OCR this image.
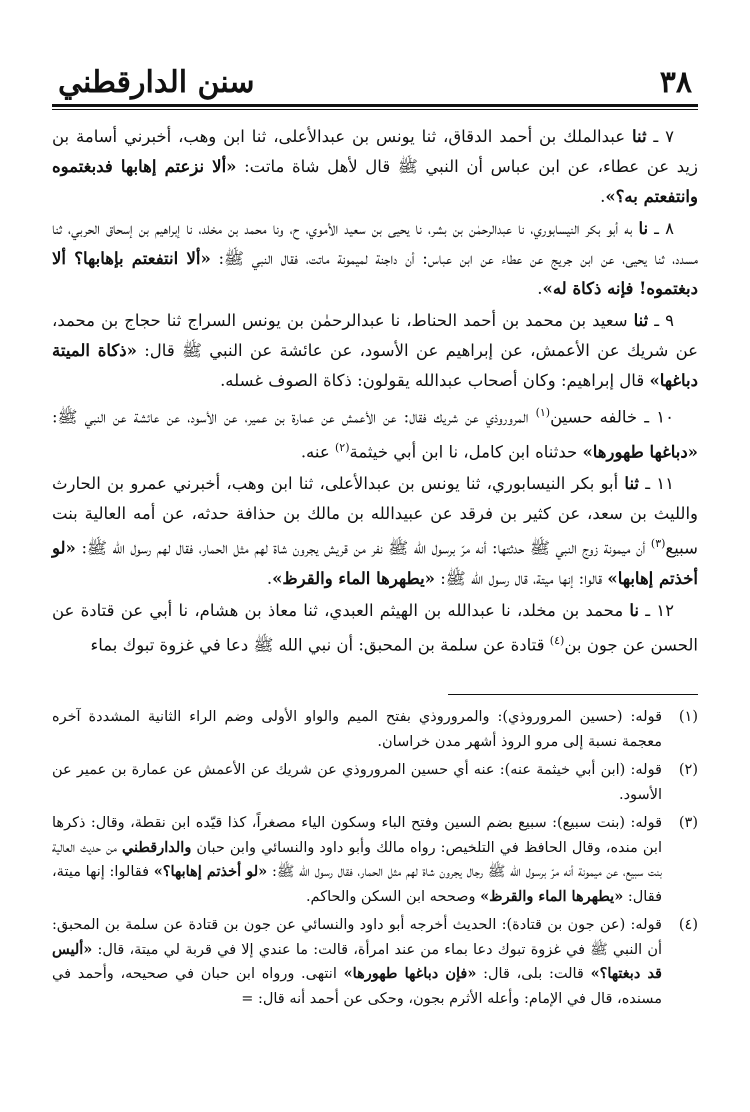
٣٨
سنن الدارقطني

٧ ـ ثنا عبدالملك بن أحمد الدقاق، ثنا يونس بن عبدالأعلى، ثنا ابن وهب، أخبرني أسامة بن زيد عن عطاء، عن ابن عباس أن النبي ﷺ قال لأهل شاة ماتت: «ألا نزعتم إهابها فدبغتموه وانتفعتم به؟».

٨ ـ نا به أبو بكر النيسابوري، نا عبدالرحمٰن بن بشر، نا يحيى بن سعيد الأموي، ح، ونا محمد بن مخلد، نا إبراهيم بن إسحاق الحربي، ثنا مسدد، ثنا يحيى، عن ابن جريج عن عطاء عن ابن عباس: أن داجنة لميمونة ماتت، فقال النبي ﷺ: «ألا انتفعتم بإهابها؟ ألا دبغتموه! فإنه ذكاة له».

٩ ـ ثنا سعيد بن محمد بن أحمد الحناط، نا عبدالرحمٰن بن يونس السراج ثنا حجاج بن محمد، عن شريك عن الأعمش، عن إبراهيم عن الأسود، عن عائشة عن النبي ﷺ قال: «ذكاة الميتة دباغها» قال إبراهيم: وكان أصحاب عبدالله يقولون: ذكاة الصوف غسله.

١٠ ـ خالفه حسين$^{(١)}$ المروروذي عن شريك فقال: عن الأعمش عن عمارة بن عمير، عن الأسود، عن عائشة عن النبي ﷺ: «دباغها طهورها» حدثناه ابن كامل، نا ابن أبي خيثمة$^{(٢)}$ عنه.

١١ ـ ثنا أبو بكر النيسابوري، ثنا يونس بن عبدالأعلى، ثنا ابن وهب، أخبرني عمرو بن الحارث والليث بن سعد، عن كثير بن فرقد عن عبيدالله بن مالك بن حذافة حدثه، عن أمه العالية بنت سبيع$^{(٣)}$ أن ميمونة زوج النبي ﷺ حدثتها: أنه مرّ برسول الله ﷺ نفر من قريش يجرون شاة لهم مثل الحمار، فقال لهم رسول الله ﷺ: «لو أخذتم إهابها» قالوا: إنها ميتة، قال رسول الله ﷺ: «يطهرها الماء والقرظ».

١٢ ـ نا محمد بن مخلد، نا عبدالله بن الهيثم العبدي، ثنا معاذ بن هشام، نا أبي عن قتادة عن الحسن عن جون بن$^{(٤)}$ قتادة عن سلمة بن المحبق: أن نبي الله ﷺ دعا في غزوة تبوك بماء

(١)
قوله: (حسين المروروذي): والمروروذي بفتح الميم والواو الأولى وضم الراء الثانية المشددة آخره معجمة نسبة إلى مرو الروذ أشهر مدن خراسان.
(٢)
قوله: (ابن أبي خيثمة عنه): عنه أي حسين المروروذي عن شريك عن الأعمش عن عمارة بن عمير عن الأسود.
(٣)
قوله: (بنت سبيع): سبيع بضم السين وفتح الباء وسكون الياء مصغراً، كذا قيّده ابن نقطة، وقال: ذكرها ابن منده، وقال الحافظ في التلخيص: رواه مالك وأبو داود والنسائي وابن حبان والدارقطني من حديث العالية بنت سبيع، عن ميمونة أنه مرّ برسول الله ﷺ رجال يجرون شاة لهم مثل الحمار، فقال رسول الله ﷺ: «لو أخذتم إهابها؟» فقالوا: إنها ميتة، فقال: «يطهرها الماء والقرظ» وصححه ابن السكن والحاكم.
(٤)
قوله: (عن جون بن قتادة): الحديث أخرجه أبو داود والنسائي عن جون بن قتادة عن سلمة بن المحبق: أن النبي ﷺ في غزوة تبوك دعا بماء من عند امرأة، قالت: ما عندي إلا في قربة لي ميتة، قال: «أليس قد دبغتها؟» قالت: بلى، قال: «فإن دباغها طهورها» انتهى. ورواه ابن حبان في صحيحه، وأحمد في مسنده، قال في الإمام: وأعله الأثرم بجون، وحكى عن أحمد أنه قال: =
